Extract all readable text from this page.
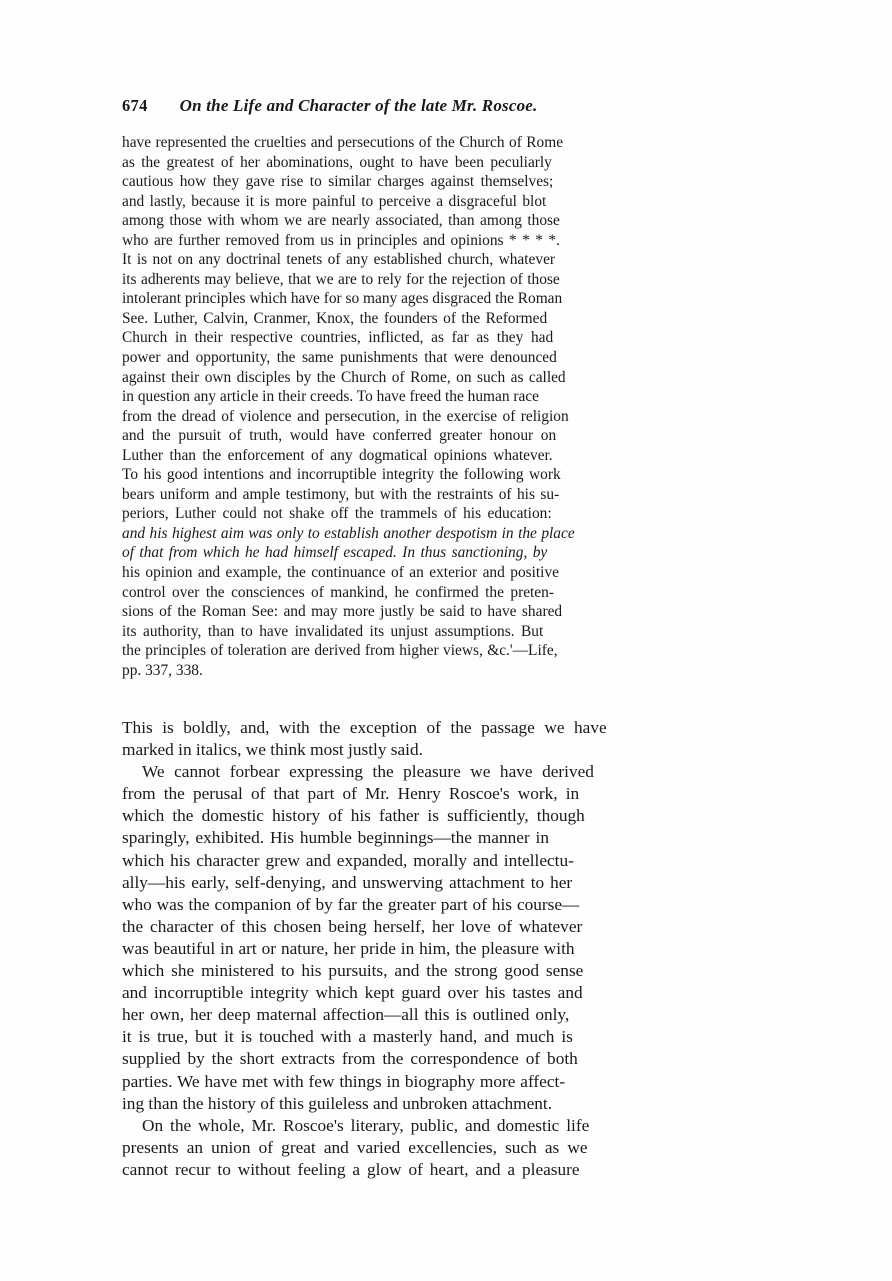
674 On the Life and Character of the late Mr. Roscoe.
have represented the cruelties and persecutions of the Church of Rome
as the greatest of her abominations, ought to have been peculiarly
cautious how they gave rise to similar charges against themselves;
and lastly, because it is more painful to perceive a disgraceful blot
among those with whom we are nearly associated, than among those
who are further removed from us in principles and opinions * * * *.
It is not on any doctrinal tenets of any established church, whatever
its adherents may believe, that we are to rely for the rejection of those
intolerant principles which have for so many ages disgraced the Roman
See. Luther, Calvin, Cranmer, Knox, the founders of the Reformed
Church in their respective countries, inflicted, as far as they had
power and opportunity, the same punishments that were denounced
against their own disciples by the Church of Rome, on such as called
in question any article in their creeds. To have freed the human race
from the dread of violence and persecution, in the exercise of religion
and the pursuit of truth, would have conferred greater honour on
Luther than the enforcement of any dogmatical opinions whatever.
To his good intentions and incorruptible integrity the following work
bears uniform and ample testimony, but with the restraints of his su-
periors, Luther could not shake off the trammels of his education:
and his highest aim was only to establish another despotism in the place
of that from which he had himself escaped. In thus sanctioning, by
his opinion and example, the continuance of an exterior and positive
control over the consciences of mankind, he confirmed the preten-
sions of the Roman See: and may more justly be said to have shared
its authority, than to have invalidated its unjust assumptions. But
the principles of toleration are derived from higher views, &c.'—Life,
pp. 337, 338.
This is boldly, and, with the exception of the passage we have
marked in italics, we think most justly said.
We cannot forbear expressing the pleasure we have derived
from the perusal of that part of Mr. Henry Roscoe's work, in
which the domestic history of his father is sufficiently, though
sparingly, exhibited. His humble beginnings—the manner in
which his character grew and expanded, morally and intellectu-
ally—his early, self-denying, and unswerving attachment to her
who was the companion of by far the greater part of his course—
the character of this chosen being herself, her love of whatever
was beautiful in art or nature, her pride in him, the pleasure with
which she ministered to his pursuits, and the strong good sense
and incorruptible integrity which kept guard over his tastes and
her own, her deep maternal affection—all this is outlined only,
it is true, but it is touched with a masterly hand, and much is
supplied by the short extracts from the correspondence of both
parties. We have met with few things in biography more affect-
ing than the history of this guileless and unbroken attachment.
On the whole, Mr. Roscoe's literary, public, and domestic life
presents an union of great and varied excellencies, such as we
cannot recur to without feeling a glow of heart, and a pleasure
